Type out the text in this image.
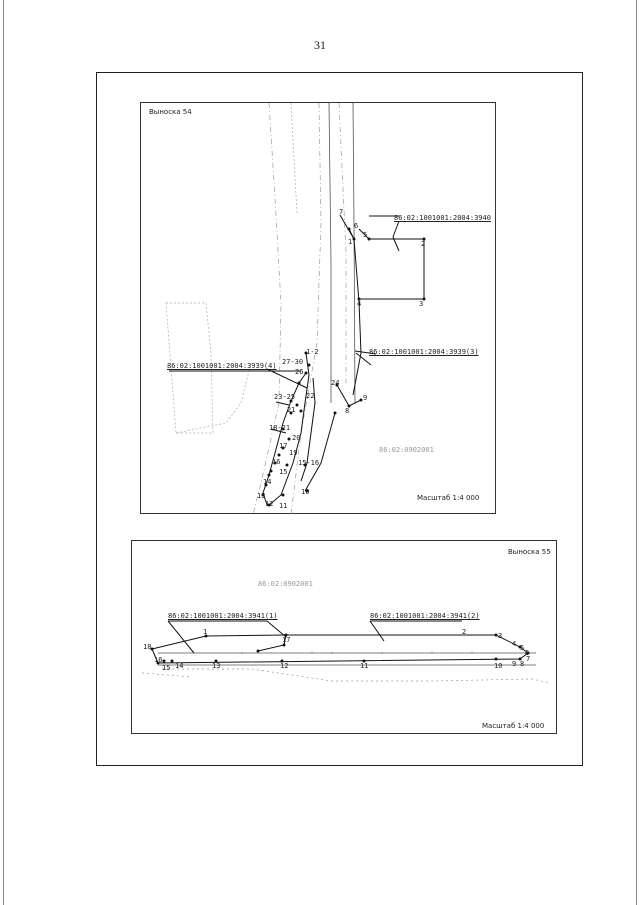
31
Выноска 54
86:02:1001001:2004:3940
86:02:1001001:2004:3939(3)
86:02:1001001:2004:3939(4)
86:02:0902001
Масштаб 1:4 000
7
6
5
1	2
4	3
1-2
27-30
26
24
23-25 22
21	8
9
18-21
20
17
19
16	15-16
15
14
13
11
10
12
Выноска 55
86:02:0902001
86:02:1001001:2004:3941(1)	86:02:1001001:2004:3941(2)
Масштаб 1:4 000
18
1	2	3
4 5
6
7
8
9
10
11
12
13
14
15
16
17
